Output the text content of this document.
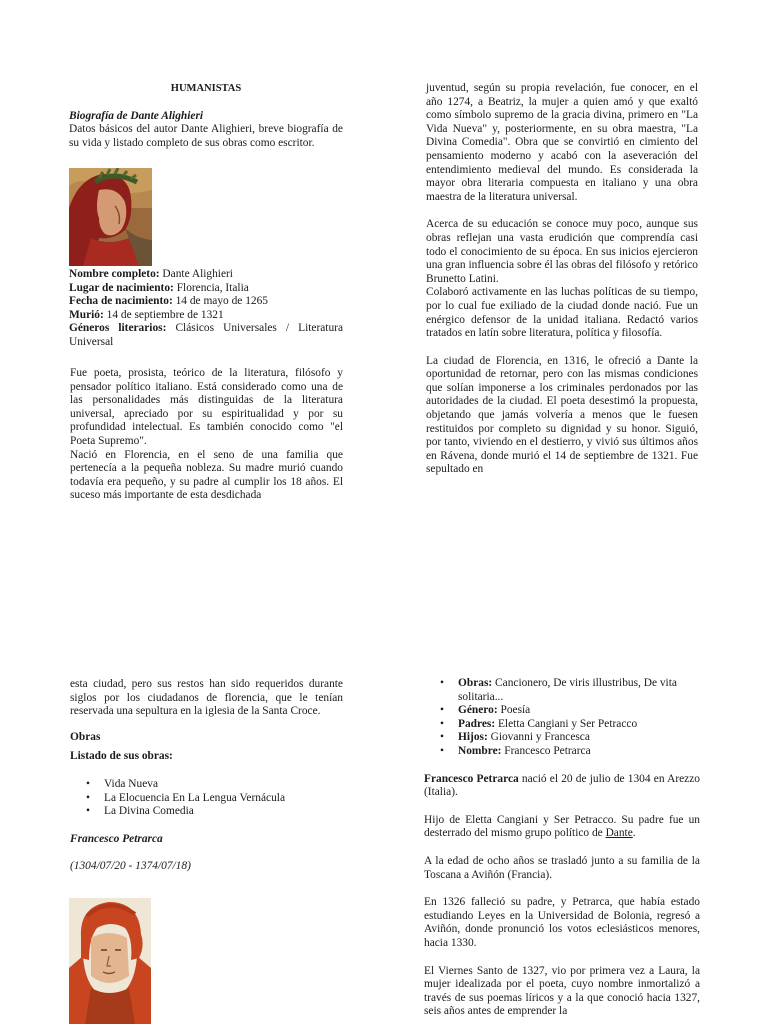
HUMANISTAS
Biografía de Dante Alighieri

Datos básicos del autor Dante Alighieri, breve biografía de su vida y listado completo de sus obras como escritor.

Nombre completo: Dante Alighieri
Lugar de nacimiento: Florencia, Italia
Fecha de nacimiento: 14 de mayo de 1265
Murió: 14 de septiembre de 1321
Géneros literarios: Clásicos Universales / Literatura Universal

Fue poeta, prosista, teórico de la literatura, filósofo y pensador político italiano. Está considerado como una de las personalidades más distinguidas de la literatura universal, apreciado por su espiritualidad y por su profundidad intelectual. Es también conocido como "el Poeta Supremo".

Nació en Florencia, en el seno de una familia que pertenecía a la pequeña nobleza. Su madre murió cuando todavía era pequeño, y su padre al cumplir los 18 años. El suceso más importante de esta desdichada

juventud, según su propia revelación, fue conocer, en el año 1274, a Beatriz, la mujer a quien amó y que exaltó como símbolo supremo de la gracia divina, primero en "La Vida Nueva" y, posteriormente, en su obra maestra, "La Divina Comedia". Obra que se convirtió en cimiento del pensamiento moderno y acabó con la aseveración del entendimiento medieval del mundo. Es considerada la mayor obra literaria compuesta en italiano y una obra maestra de la literatura universal.

Acerca de su educación se conoce muy poco, aunque sus obras reflejan una vasta erudición que comprendía casi todo el conocimiento de su época. En sus inicios ejercieron una gran influencia sobre él las obras del filósofo y retórico Brunetto Latini.

Colaboró activamente en las luchas políticas de su tiempo, por lo cual fue exiliado de la ciudad donde nació. Fue un enérgico defensor de la unidad italiana. Redactó varios tratados en latín sobre literatura, política y filosofía.

La ciudad de Florencia, en 1316, le ofreció a Dante la oportunidad de retornar, pero con las mismas condiciones que solían imponerse a los criminales perdonados por las autoridades de la ciudad. El poeta desestimó la propuesta, objetando que jamás volvería a menos que le fuesen restituidos por completo su dignidad y su honor. Siguió, por tanto, viviendo en el destierro, y vivió sus últimos años en Rávena, donde murió el 14 de septiembre de 1321. Fue sepultado en

esta ciudad, pero sus restos han sido requeridos durante siglos por los ciudadanos de florencia, que le tenían reservada una sepultura en la iglesia de la Santa Croce.

Obras
Listado de sus obras:
• Vida Nueva
• La Elocuencia En La Lengua Vernácula
• La Divina Comedia
Francesco Petrarca
(1304/07/20 - 1374/07/18)
• Obras: Cancionero, De viris illustribus, De vita solitaria...
• Género: Poesía
• Padres: Eletta Cangiani y Ser Petracco
• Hijos: Giovanni y Francesca
• Nombre: Francesco Petrarca

Francesco Petrarca nació el 20 de julio de 1304 en Arezzo (Italia).

Hijo de Eletta Cangiani y Ser Petracco. Su padre fue un desterrado del mismo grupo político de Dante.

A la edad de ocho años se trasladó junto a su familia de la Toscana a Aviñón (Francia).

En 1326 falleció su padre, y Petrarca, que había estado estudiando Leyes en la Universidad de Bolonia, regresó a Aviñón, donde pronunció los votos eclesiásticos menores, hacia 1330.

El Viernes Santo de 1327, vio por primera vez a Laura, la mujer idealizada por el poeta, cuyo nombre inmortalizó a través de sus poemas líricos y a la que conoció hacia 1327, seis años antes de emprender la
